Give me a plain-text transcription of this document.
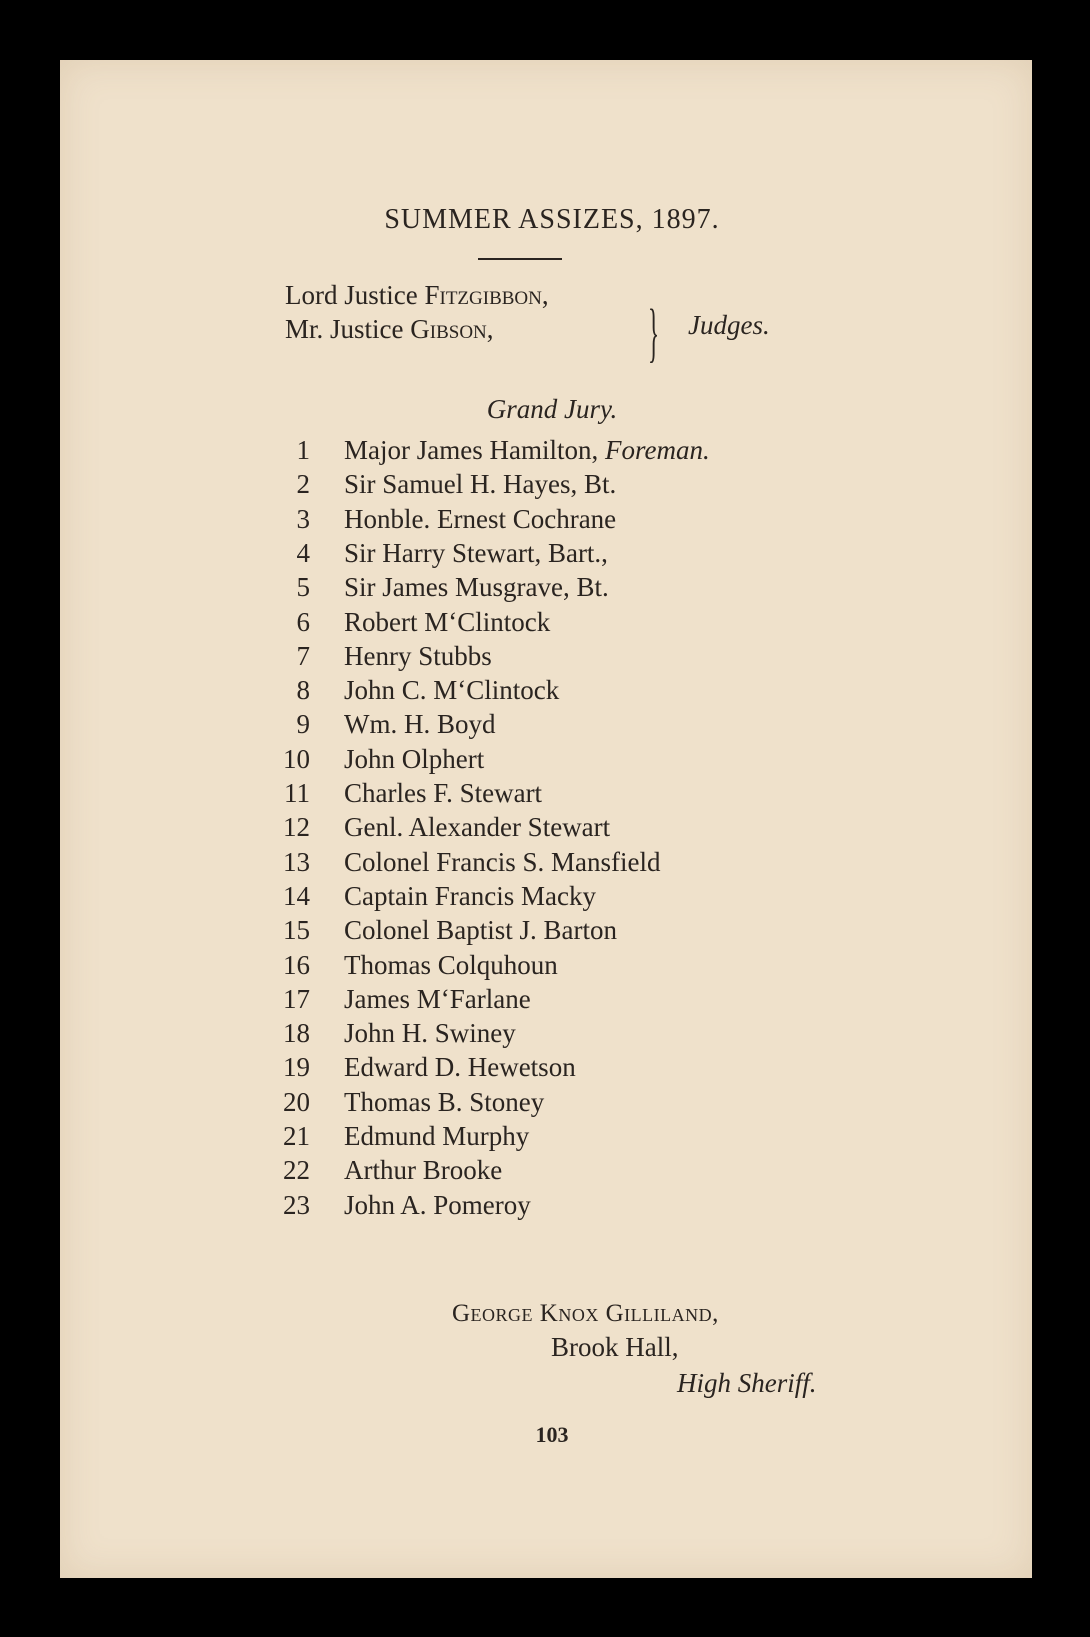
SUMMER ASSIZES, 1897.
Lord Justice Fitzgibbon,
Mr. Justice Gibson, } Judges.
Grand Jury.
1 Major James Hamilton, Foreman.
2 Sir Samuel H. Hayes, Bt.
3 Honble. Ernest Cochrane
4 Sir Harry Stewart, Bart.,
5 Sir James Musgrave, Bt.
6 Robert M‘Clintock
7 Henry Stubbs
8 John C. M‘Clintock
9 Wm. H. Boyd
10 John Olphert
11 Charles F. Stewart
12 Genl. Alexander Stewart
13 Colonel Francis S. Mansfield
14 Captain Francis Macky
15 Colonel Baptist J. Barton
16 Thomas Colquhoun
17 James M‘Farlane
18 John H. Swiney
19 Edward D. Hewetson
20 Thomas B. Stoney
21 Edmund Murphy
22 Arthur Brooke
23 John A. Pomeroy
George Knox Gilliland,
Brook Hall,
High Sheriff.
103
